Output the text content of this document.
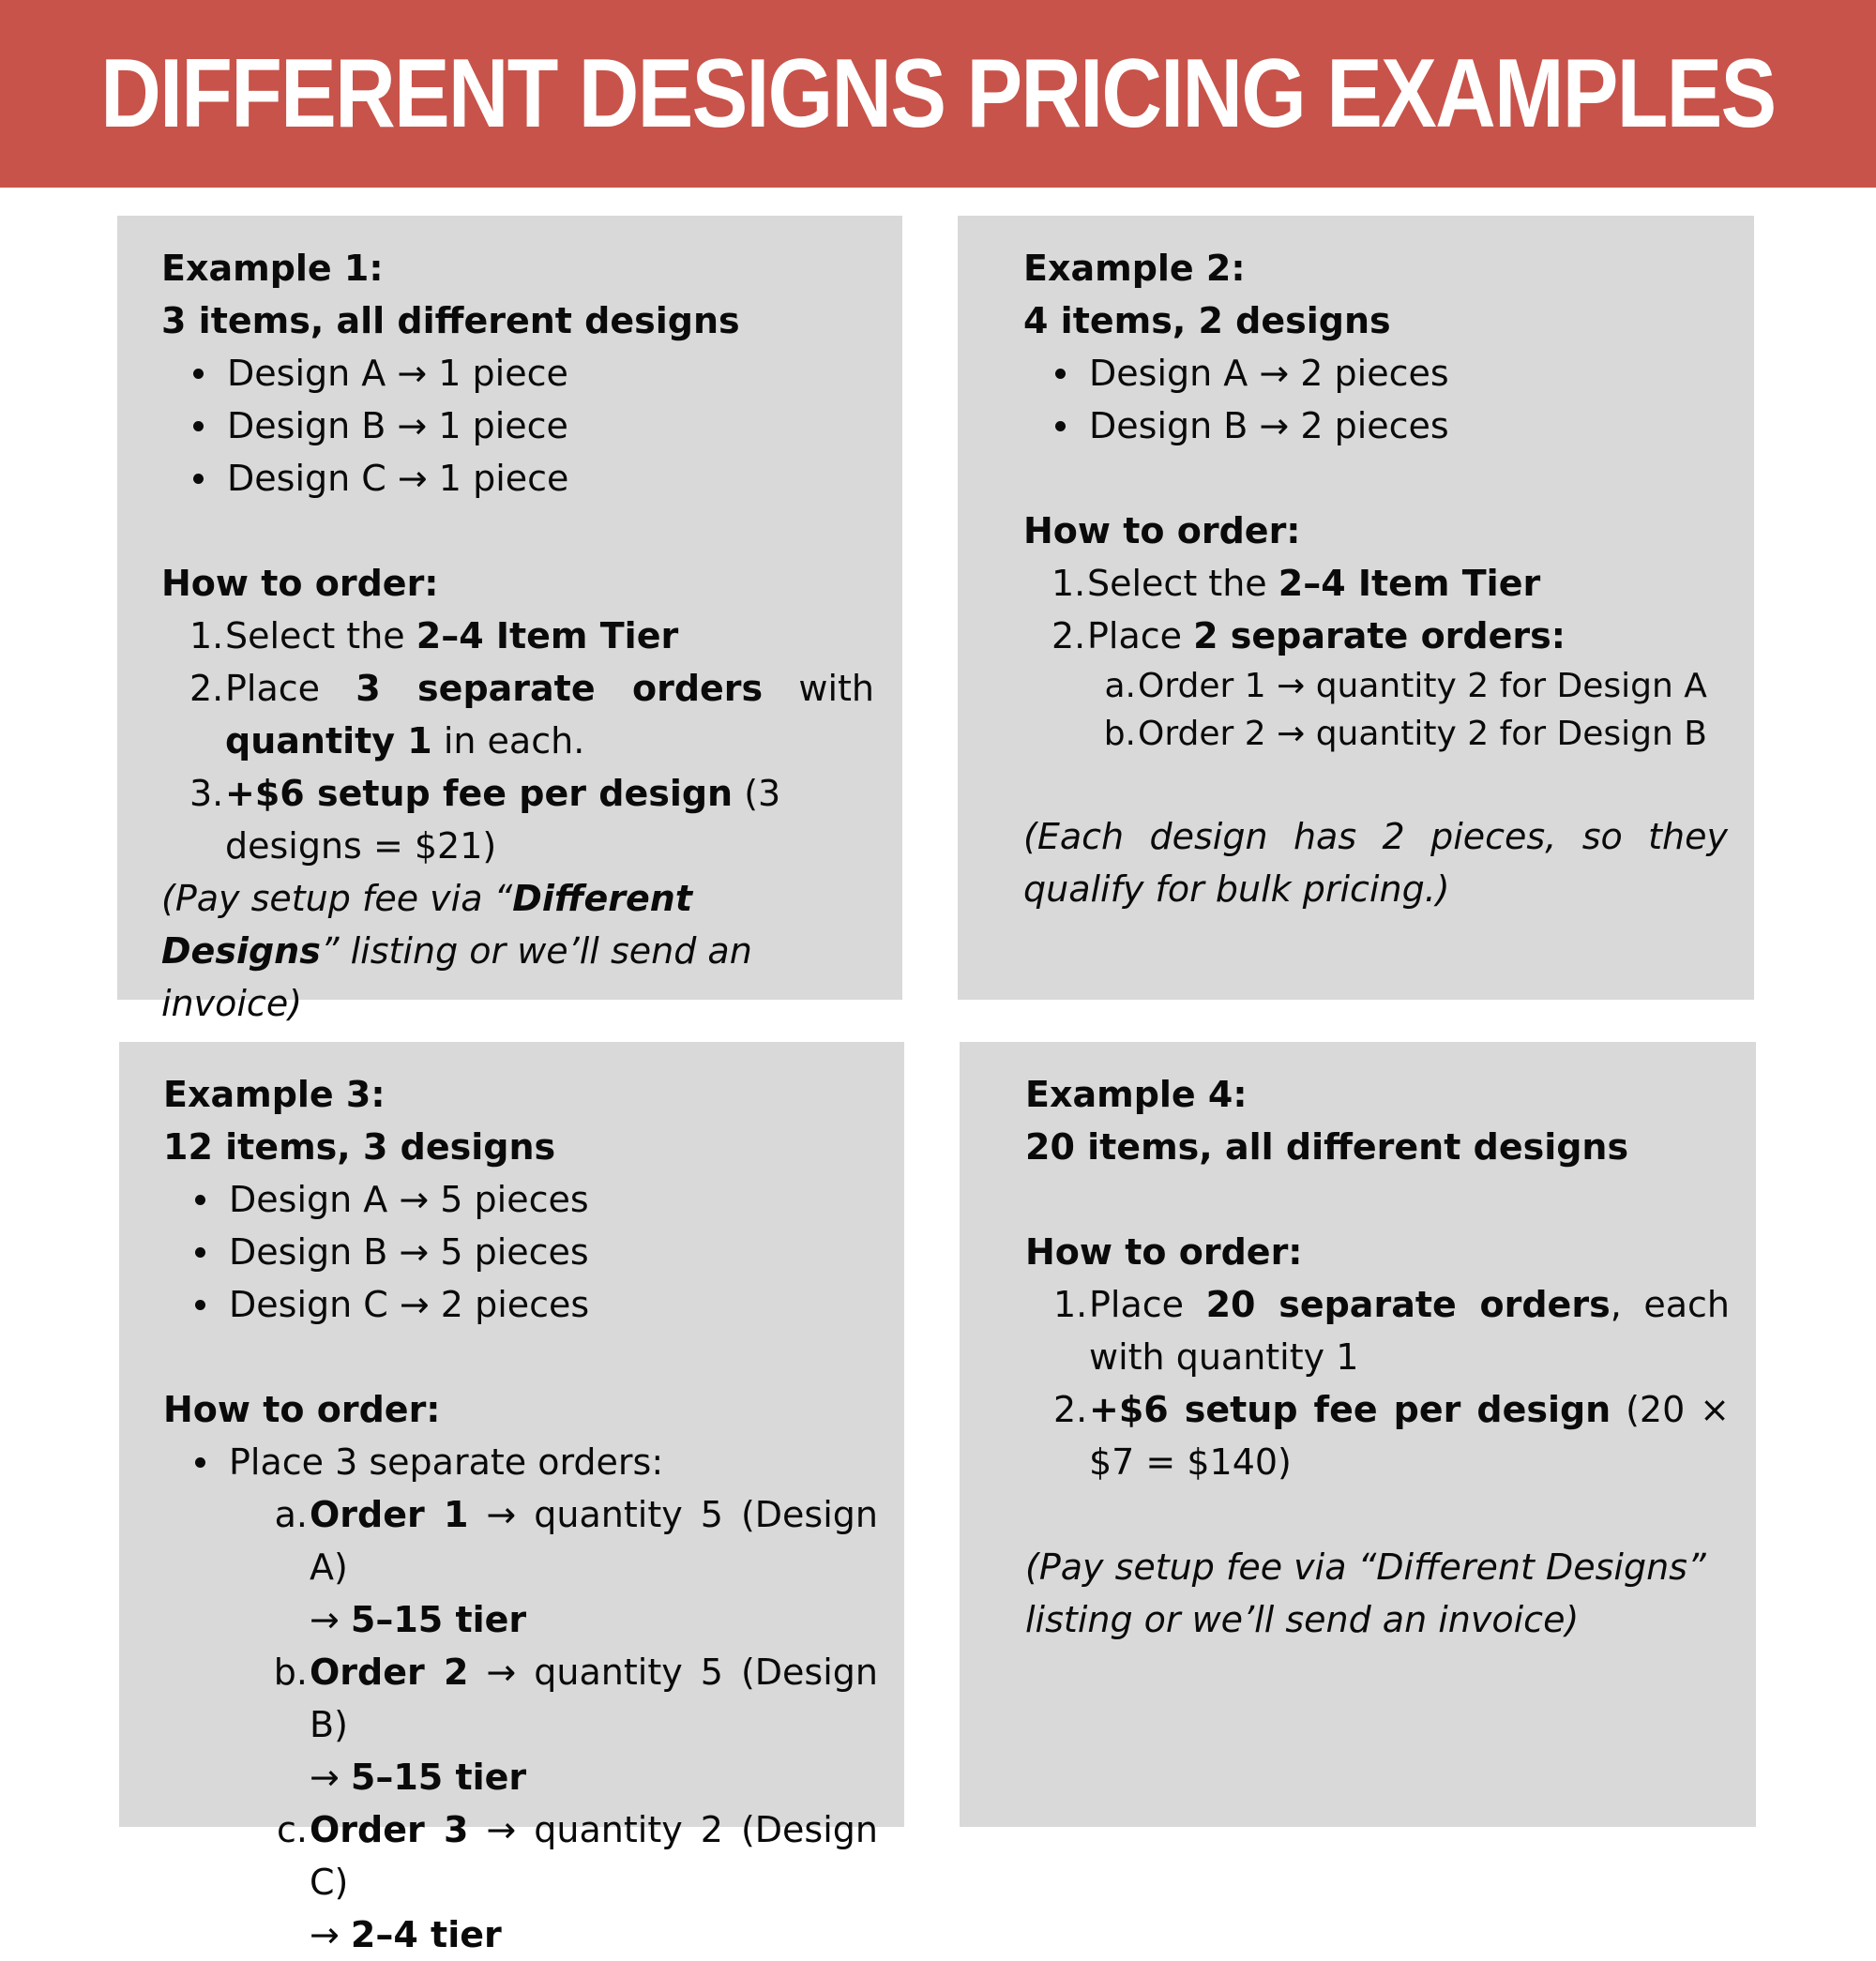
DIFFERENT DESIGNS PRICING EXAMPLES
Example 1:
3 items, all different designs
Design A → 1 piece
Design B → 1 piece
Design C → 1 piece
How to order:
1. Select the 2–4 Item Tier
2. Place 3 separate orders with quantity 1 in each.
3. +$6 setup fee per design (3 designs = $21)
(Pay setup fee via “Different Designs” listing or we’ll send an invoice)
Example 2:
4 items, 2 designs
Design A → 2 pieces
Design B → 2 pieces
How to order:
1. Select the 2–4 Item Tier
2. Place 2 separate orders:
a. Order 1 → quantity 2 for Design A
b. Order 2 → quantity 2 for Design B
(Each design has 2 pieces, so they qualify for bulk pricing.)
Example 3:
12 items, 3 designs
Design A → 5 pieces
Design B → 5 pieces
Design C → 2 pieces
How to order:
Place 3 separate orders:
a. Order 1 → quantity 5 (Design A)
→ 5–15 tier
b. Order 2 → quantity 5 (Design B)
→ 5–15 tier
c. Order 3 → quantity 2 (Design C)
→ 2–4 tier
Example 4:
20 items, all different designs
How to order:
1. Place 20 separate orders, each with quantity 1
2. +$6 setup fee per design (20 × $7 = $140)
(Pay setup fee via “Different Designs” listing or we’ll send an invoice)
